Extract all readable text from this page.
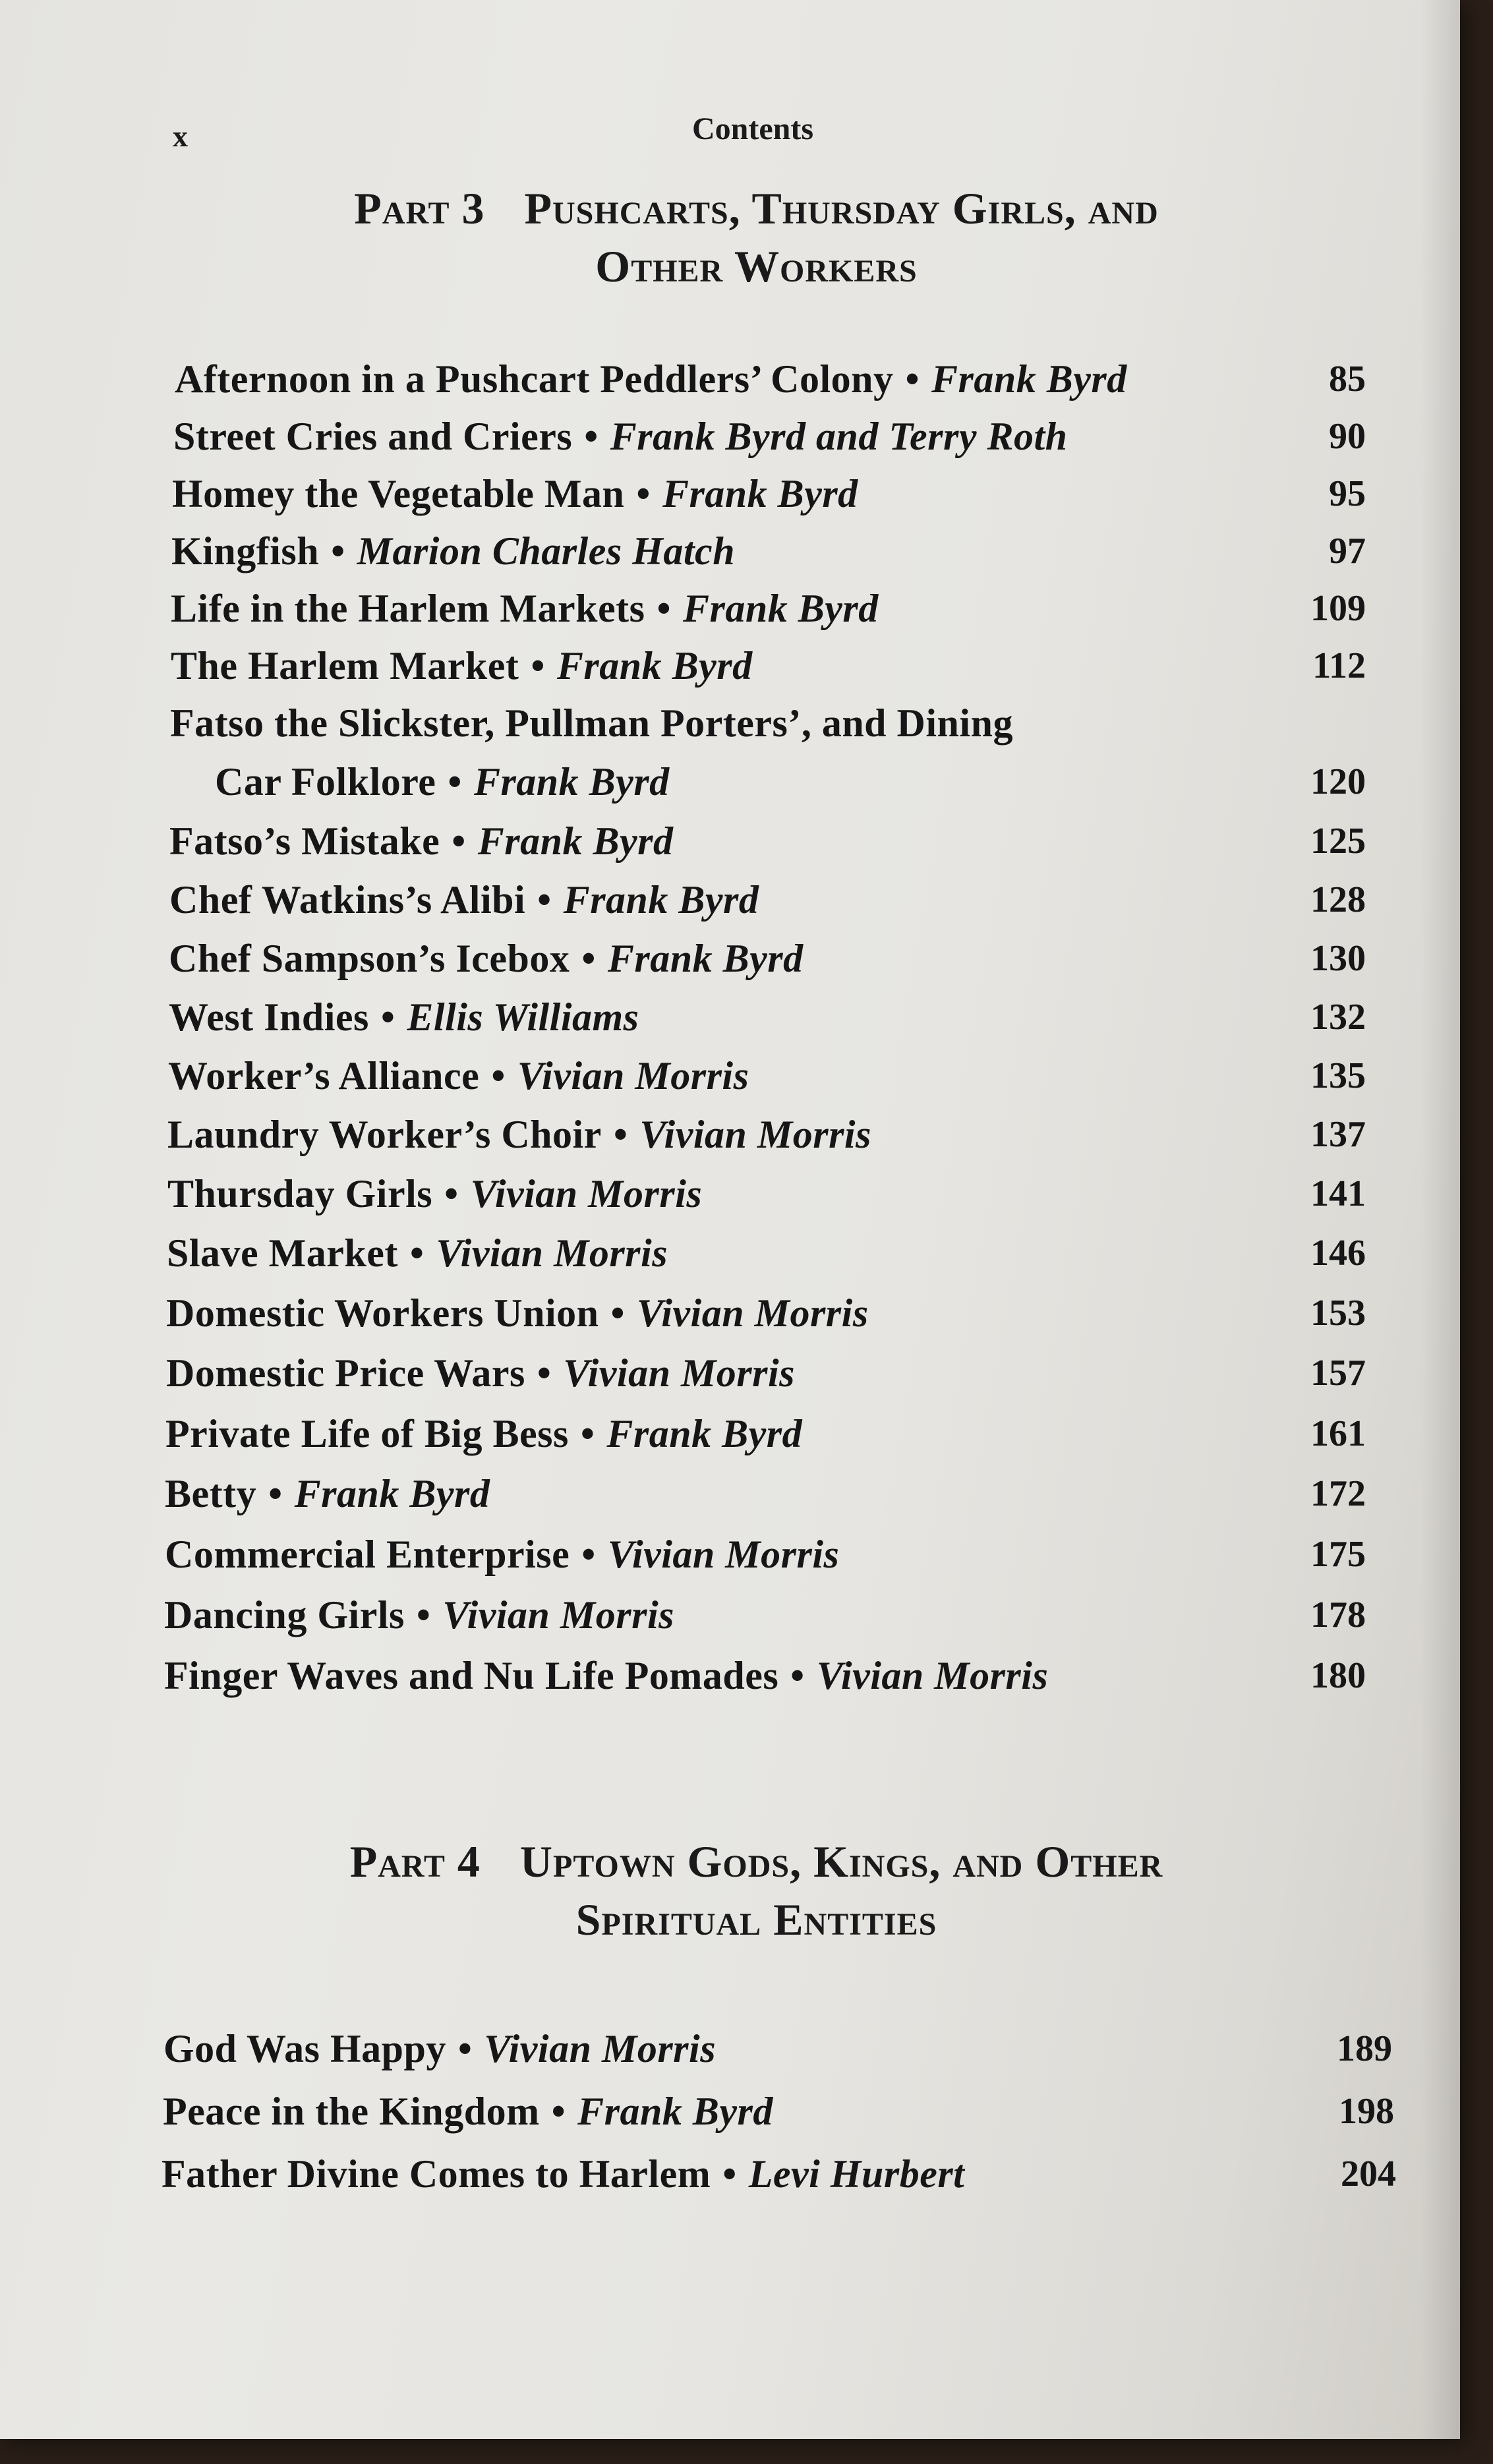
x	Contents
Part 3 Pushcarts, Thursday Girls, and
Other Workers
Afternoon in a Pushcart Peddlers’ Colony • Frank Byrd	85
Street Cries and Criers • Frank Byrd and Terry Roth	90
Homey the Vegetable Man • Frank Byrd	95
Kingfish • Marion Charles Hatch	97
Life in the Harlem Markets • Frank Byrd	109
The Harlem Market • Frank Byrd	112
Fatso the Slickster, Pullman Porters’, and Dining
Car Folklore • Frank Byrd	120
Fatso’s Mistake • Frank Byrd	125
Chef Watkins’s Alibi • Frank Byrd	128
Chef Sampson’s Icebox • Frank Byrd	130
West Indies • Ellis Williams	132
Worker’s Alliance • Vivian Morris	135
Laundry Worker’s Choir • Vivian Morris	137
Thursday Girls • Vivian Morris	141
Slave Market • Vivian Morris	146
Domestic Workers Union • Vivian Morris	153
Domestic Price Wars • Vivian Morris	157
Private Life of Big Bess • Frank Byrd	161
Betty • Frank Byrd	172
Commercial Enterprise • Vivian Morris	175
Dancing Girls • Vivian Morris	178
Finger Waves and Nu Life Pomades • Vivian Morris	180
Part 4 Uptown Gods, Kings, and Other
Spiritual Entities
God Was Happy • Vivian Morris	189
Peace in the Kingdom • Frank Byrd	198
Father Divine Comes to Harlem • Levi Hurbert	204
